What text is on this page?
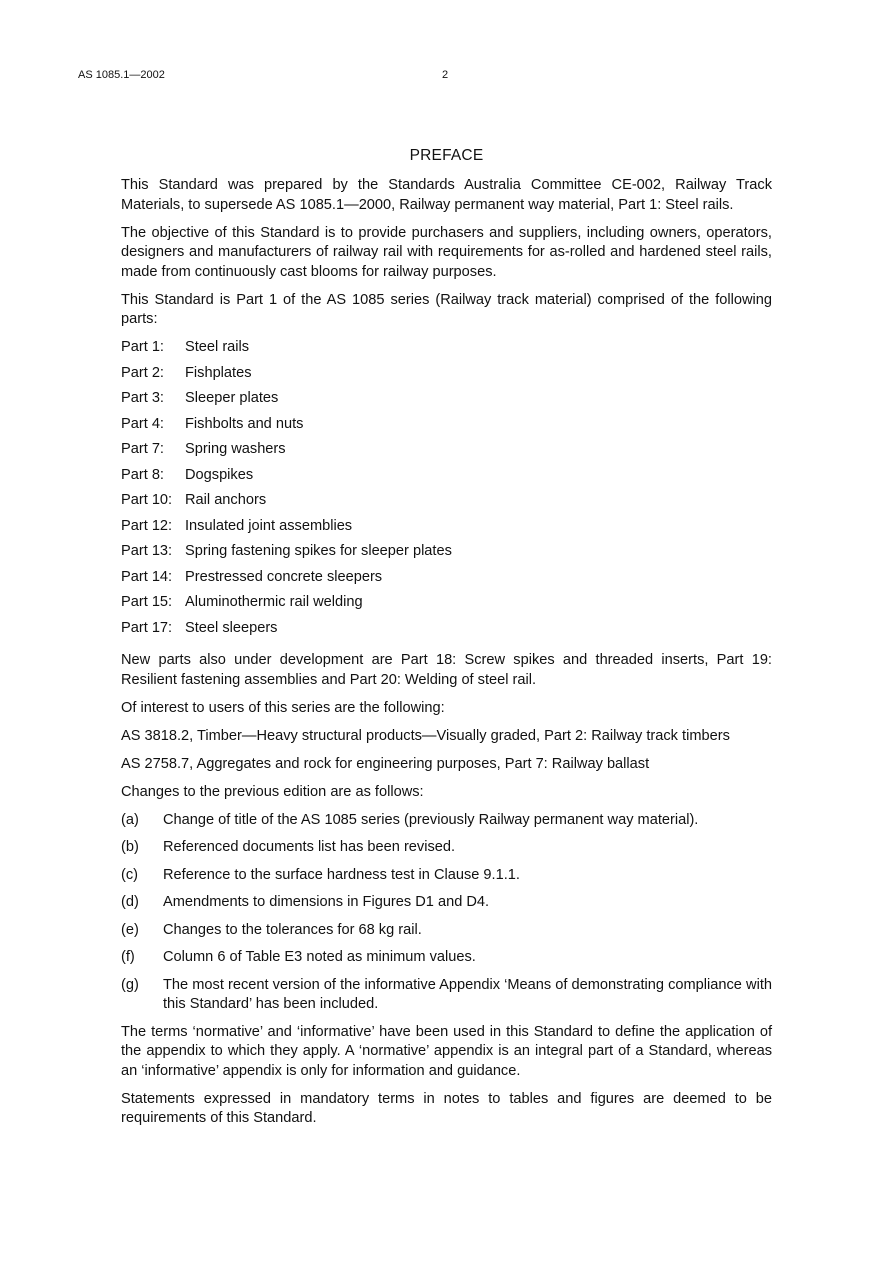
AS 1085.1—2002	2
PREFACE

This Standard was prepared by the Standards Australia Committee CE-002, Railway Track Materials, to supersede AS 1085.1—2000, Railway permanent way material, Part 1: Steel rails.

The objective of this Standard is to provide purchasers and suppliers, including owners, operators, designers and manufacturers of railway rail with requirements for as-rolled and hardened steel rails, made from continuously cast blooms for railway purposes.

This Standard is Part 1 of the AS 1085 series (Railway track material) comprised of the following parts:

Part 1:	Steel rails
Part 2:	Fishplates
Part 3:	Sleeper plates
Part 4:	Fishbolts and nuts
Part 7:	Spring washers
Part 8:	Dogspikes
Part 10: Rail anchors
Part 12: Insulated joint assemblies
Part 13: Spring fastening spikes for sleeper plates
Part 14: Prestressed concrete sleepers
Part 15: Aluminothermic rail welding
Part 17: Steel sleepers

New parts also under development are Part 18: Screw spikes and threaded inserts, Part 19: Resilient fastening assemblies and Part 20: Welding of steel rail.

Of interest to users of this series are the following:

AS 3818.2, Timber—Heavy structural products—Visually graded, Part 2: Railway track timbers

AS 2758.7, Aggregates and rock for engineering purposes, Part 7: Railway ballast

Changes to the previous edition are as follows:

(a)	Change of title of the AS 1085 series (previously Railway permanent way material).
(b)	Referenced documents list has been revised.
(c)	Reference to the surface hardness test in Clause 9.1.1.
(d)	Amendments to dimensions in Figures D1 and D4.
(e)	Changes to the tolerances for 68 kg rail.
(f)	Column 6 of Table E3 noted as minimum values.
(g)	The most recent version of the informative Appendix ‘Means of demonstrating compliance with this Standard’ has been included.

The terms ‘normative’ and ‘informative’ have been used in this Standard to define the application of the appendix to which they apply. A ‘normative’ appendix is an integral part of a Standard, whereas an ‘informative’ appendix is only for information and guidance.

Statements expressed in mandatory terms in notes to tables and figures are deemed to be requirements of this Standard.
